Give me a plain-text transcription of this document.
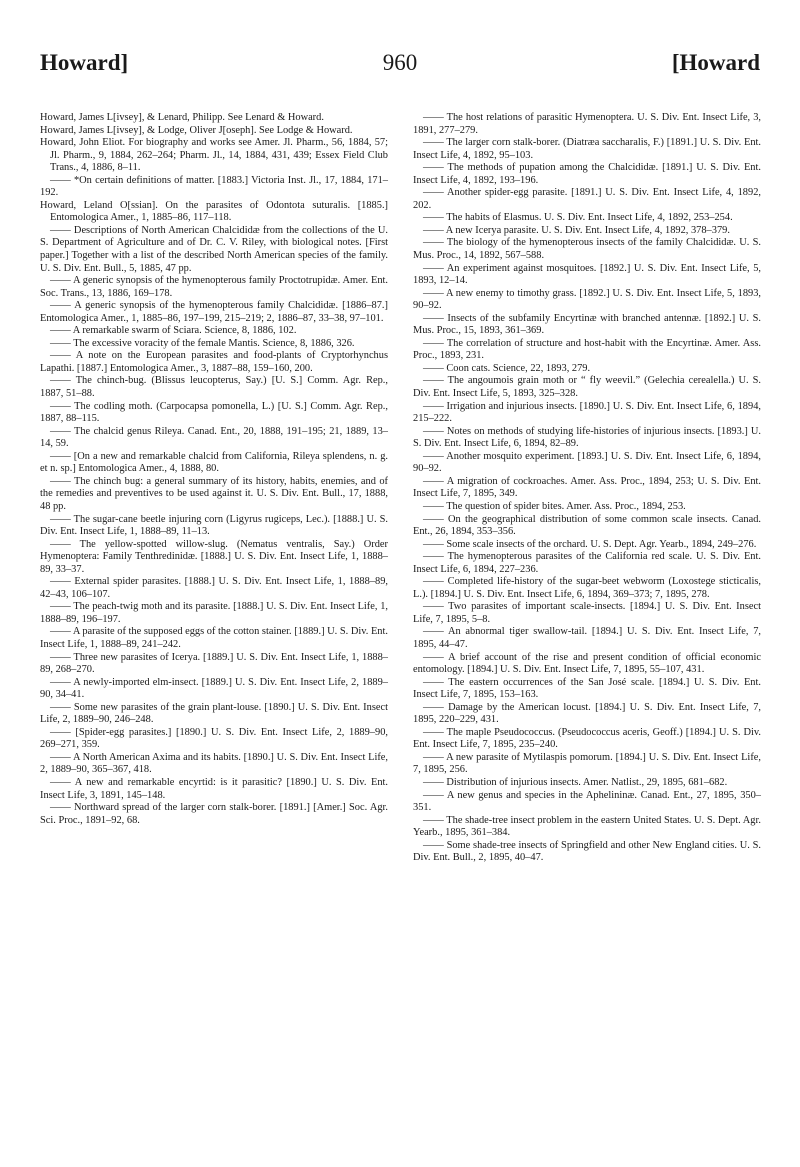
Howard]	960	[Howard
Howard, James L[ivsey], & Lenard, Philipp. See Lenard & Howard.
Howard, James L[ivsey], & Lodge, Oliver J[oseph]. See Lodge & Howard.
Howard, John Eliot. For biography and works see Amer. Jl. Pharm., 56, 1884, 57; Jl. Pharm., 9, 1884, 262–264; Pharm. Jl., 14, 1884, 431, 439; Essex Field Club Trans., 4, 1886, 8–11.
—— *On certain definitions of matter. [1883.] Victoria Inst. Jl., 17, 1884, 171–192.
Howard, Leland O[ssian]. On the parasites of Odontota suturalis. [1885.] Entomologica Amer., 1, 1885–86, 117–118.
—— Descriptions of North American Chalcididæ from the collections of the U. S. Department of Agriculture and of Dr. C. V. Riley, with biological notes. [First paper.] Together with a list of the described North American species of the family. U. S. Div. Ent. Bull., 5, 1885, 47 pp.
—— A generic synopsis of the hymenopterous family Proctotrupidæ. Amer. Ent. Soc. Trans., 13, 1886, 169–178.
—— A generic synopsis of the hymenopterous family Chalcididæ. [1886–87.] Entomologica Amer., 1, 1885–86, 197–199, 215–219; 2, 1886–87, 33–38, 97–101.
—— A remarkable swarm of Sciara. Science, 8, 1886, 102.
—— The excessive voracity of the female Mantis. Science, 8, 1886, 326.
—— A note on the European parasites and food-plants of Cryptorhynchus Lapathi. [1887.] Entomologica Amer., 3, 1887–88, 159–160, 200.
—— The chinch-bug. (Blissus leucopterus, Say.) [U. S.] Comm. Agr. Rep., 1887, 51–88.
—— The codling moth. (Carpocapsa pomonella, L.) [U. S.] Comm. Agr. Rep., 1887, 88–115.
—— The chalcid genus Rileya. Canad. Ent., 20, 1888, 191–195; 21, 1889, 13–14, 59.
—— [On a new and remarkable chalcid from California, Rileya splendens, n. g. et n. sp.] Entomologica Amer., 4, 1888, 80.
—— The chinch bug: a general summary of its history, habits, enemies, and of the remedies and preventives to be used against it. U. S. Div. Ent. Bull., 17, 1888, 48 pp.
—— The sugar-cane beetle injuring corn (Ligyrus rugiceps, Lec.). [1888.] U. S. Div. Ent. Insect Life, 1, 1888–89, 11–13.
—— The yellow-spotted willow-slug. (Nematus ventralis, Say.) Order Hymenoptera: Family Tenthredinidæ. [1888.] U. S. Div. Ent. Insect Life, 1, 1888–89, 33–37.
—— External spider parasites. [1888.] U. S. Div. Ent. Insect Life, 1, 1888–89, 42–43, 106–107.
—— The peach-twig moth and its parasite. [1888.] U. S. Div. Ent. Insect Life, 1, 1888–89, 196–197.
—— A parasite of the supposed eggs of the cotton stainer. [1889.] U. S. Div. Ent. Insect Life, 1, 1888–89, 241–242.
—— Three new parasites of Icerya. [1889.] U. S. Div. Ent. Insect Life, 1, 1888–89, 268–270.
—— A newly-imported elm-insect. [1889.] U. S. Div. Ent. Insect Life, 2, 1889–90, 34–41.
—— Some new parasites of the grain plant-louse. [1890.] U. S. Div. Ent. Insect Life, 2, 1889–90, 246–248.
—— [Spider-egg parasites.] [1890.] U. S. Div. Ent. Insect Life, 2, 1889–90, 269–271, 359.
—— A North American Axima and its habits. [1890.] U. S. Div. Ent. Insect Life, 2, 1889–90, 365–367, 418.
—— A new and remarkable encyrtid: is it parasitic? [1890.] U. S. Div. Ent. Insect Life, 3, 1891, 145–148.
—— Northward spread of the larger corn stalk-borer. [1891.] [Amer.] Soc. Agr. Sci. Proc., 1891–92, 68.
—— The host relations of parasitic Hymenoptera. U. S. Div. Ent. Insect Life, 3, 1891, 277–279.
—— The larger corn stalk-borer. (Diatræa saccharalis, F.) [1891.] U. S. Div. Ent. Insect Life, 4, 1892, 95–103.
—— The methods of pupation among the Chalcididæ. [1891.] U. S. Div. Ent. Insect Life, 4, 1892, 193–196.
—— Another spider-egg parasite. [1891.] U. S. Div. Ent. Insect Life, 4, 1892, 202.
—— The habits of Elasmus. U. S. Div. Ent. Insect Life, 4, 1892, 253–254.
—— A new Icerya parasite. U. S. Div. Ent. Insect Life, 4, 1892, 378–379.
—— The biology of the hymenopterous insects of the family Chalcididæ. U. S. Mus. Proc., 14, 1892, 567–588.
—— An experiment against mosquitoes. [1892.] U. S. Div. Ent. Insect Life, 5, 1893, 12–14.
—— A new enemy to timothy grass. [1892.] U. S. Div. Ent. Insect Life, 5, 1893, 90–92.
—— Insects of the subfamily Encyrtinæ with branched antennæ. [1892.] U. S. Mus. Proc., 15, 1893, 361–369.
—— The correlation of structure and host-habit with the Encyrtinæ. Amer. Ass. Proc., 1893, 231.
—— Coon cats. Science, 22, 1893, 279.
—— The angoumois grain moth or “ fly weevil.” (Gelechia cerealella.) U. S. Div. Ent. Insect Life, 5, 1893, 325–328.
—— Irrigation and injurious insects. [1890.] U. S. Div. Ent. Insect Life, 6, 1894, 215–222.
—— Notes on methods of studying life-histories of injurious insects. [1893.] U. S. Div. Ent. Insect Life, 6, 1894, 82–89.
—— Another mosquito experiment. [1893.] U. S. Div. Ent. Insect Life, 6, 1894, 90–92.
—— A migration of cockroaches. Amer. Ass. Proc., 1894, 253; U. S. Div. Ent. Insect Life, 7, 1895, 349.
—— The question of spider bites. Amer. Ass. Proc., 1894, 253.
—— On the geographical distribution of some common scale insects. Canad. Ent., 26, 1894, 353–356.
—— Some scale insects of the orchard. U. S. Dept. Agr. Yearb., 1894, 249–276.
—— The hymenopterous parasites of the California red scale. U. S. Div. Ent. Insect Life, 6, 1894, 227–236.
—— Completed life-history of the sugar-beet webworm (Loxostege sticticalis, L.). [1894.] U. S. Div. Ent. Insect Life, 6, 1894, 369–373; 7, 1895, 278.
—— Two parasites of important scale-insects. [1894.] U. S. Div. Ent. Insect Life, 7, 1895, 5–8.
—— An abnormal tiger swallow-tail. [1894.] U. S. Div. Ent. Insect Life, 7, 1895, 44–47.
—— A brief account of the rise and present condition of official economic entomology. [1894.] U. S. Div. Ent. Insect Life, 7, 1895, 55–107, 431.
—— The eastern occurrences of the San José scale. [1894.] U. S. Div. Ent. Insect Life, 7, 1895, 153–163.
—— Damage by the American locust. [1894.] U. S. Div. Ent. Insect Life, 7, 1895, 220–229, 431.
—— The maple Pseudococcus. (Pseudococcus aceris, Geoff.) [1894.] U. S. Div. Ent. Insect Life, 7, 1895, 235–240.
—— A new parasite of Mytilaspis pomorum. [1894.] U. S. Div. Ent. Insect Life, 7, 1895, 256.
—— Distribution of injurious insects. Amer. Natlist., 29, 1895, 681–682.
—— A new genus and species in the Aphelininæ. Canad. Ent., 27, 1895, 350–351.
—— The shade-tree insect problem in the eastern United States. U. S. Dept. Agr. Yearb., 1895, 361–384.
—— Some shade-tree insects of Springfield and other New England cities. U. S. Div. Ent. Bull., 2, 1895, 40–47.
